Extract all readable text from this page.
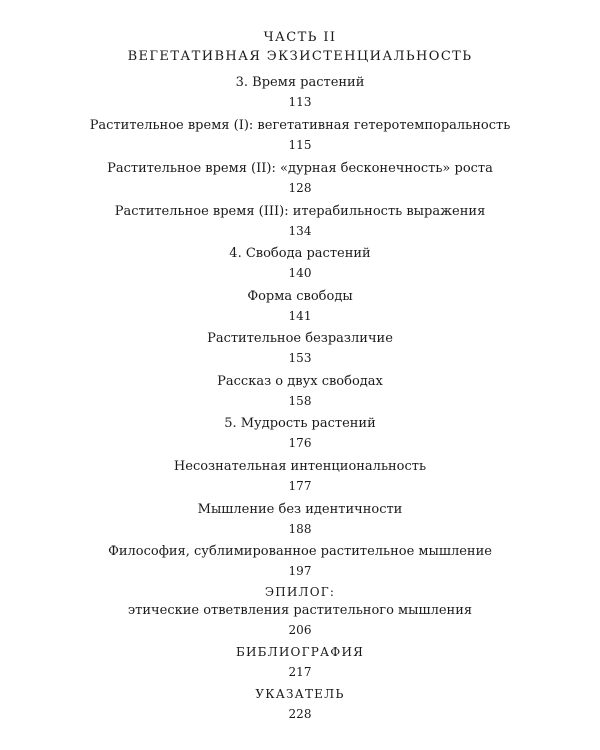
ЧАСТЬ II
ВЕГЕТАТИВНАЯ ЭКЗИСТЕНЦИАЛЬНОСТЬ
3. Время растений
113
Растительное время (I): вегетативная гетеротемпоральность
115
Растительное время (II): «дурная бесконечность» роста
128
Растительное время (III): итерабильность выражения
134
4. Свобода растений
140
Форма свободы
141
Растительное безразличие
153
Рассказ о двух свободах
158
5. Мудрость растений
176
Несознательная интенциональность
177
Мышление без идентичности
188
Философия, сублимированное растительное мышление
197
ЭПИЛОГ:
этические ответвления растительного мышления
206
БИБЛИОГРАФИЯ
217
УКАЗАТЕЛЬ
228
